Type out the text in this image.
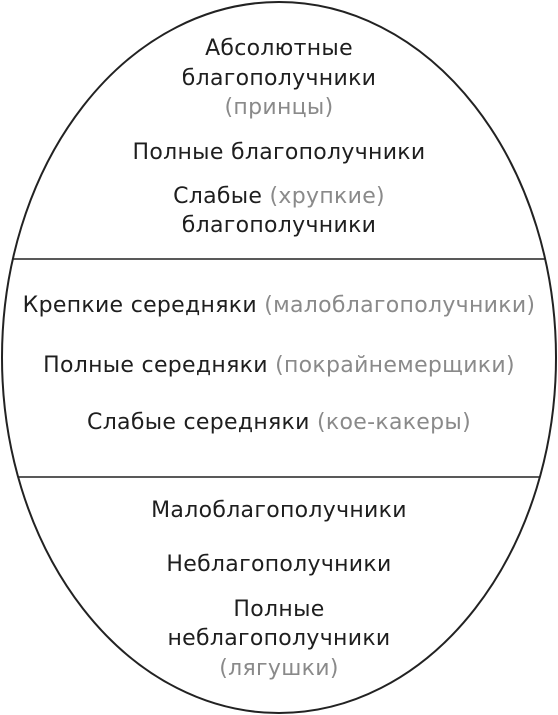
Абсолютные
благополучники
(принцы)
Полные благополучники
Слабые (хрупкие)
благополучники
Крепкие середняки (малоблагополучники)
Полные середняки (покрайнемерщики)
Слабые середняки (кое-какеры)
Малоблагополучники
Неблагополучники
Полные
неблагополучники
(лягушки)
